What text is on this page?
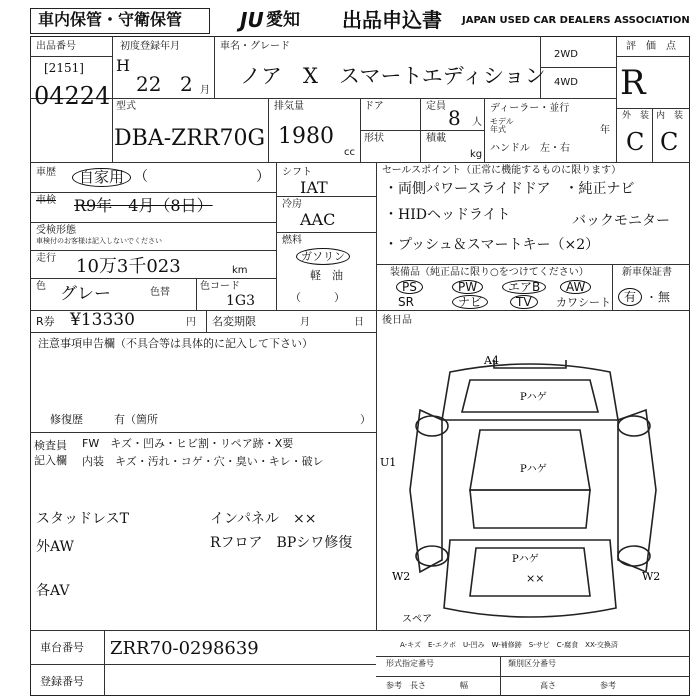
車内保管・守衛保管	JU 愛知 出品申込書 JAPAN USED CAR DEALERS ASSOCIATION
出品番号
[2151]
04224
初度登録年月
H
22 2 月
車名・グレード
ノア　X　スマートエディション
2WD
4WD
評　価　点
R
外　装 内　装
C C
型式
DBA-ZRR70G
排気量
1980
cc
ドア	定員 8 人
形状	積載
kg
ディーラー・並行
モデル
年式	年
ハンドル　左・右
車歴	自家用 （	）
車検 R9年　4月（8日）
受検形態
車検付のお客様は記入しないでください
走行 10万3千023	km
色 グレー	色替
色コード
1G3
シフト
IAT
冷房
AAC
燃料
ガソリン
軽　油
（　　　）
セールスポイント（正常に機能するものに限ります）
・両側パワースライドドア　・純正ナビ
・HIDヘッドライト	バックモニター
・プッシュ＆スマートキー（×2）
装備品（純正品に限り○をつけてください）
PS	PW	エアB	AW
SR	ナビ	TV	カワシート
新車保証書
有 ・ 無
R券 ¥13330	円 名変期限	月	日 後日品
注意事項申告欄（不具合等は具体的に記入して下さい）
修復歴	有（箇所	）
検査員
記入欄
FW　キズ・凹み・ヒビ割・リペア跡・X要
内装　キズ・汚れ・コゲ・穴・臭い・キレ・破レ
スタッドレスT	インパネル　××
外AW	Rフロア　BPシワ修復
各AV
A4
Pハゲ
Pハゲ
Pハゲ
××
U1
W2	W2
スペア
A-キズ　E-エクボ　U-凹み　W-補修跡　S-サビ　C-腐食　XX-交換済
車台番号 ZRR70-0298639
登録番号
形式指定番号	類別区分番号
参考 長さ	幅	高さ	参考
